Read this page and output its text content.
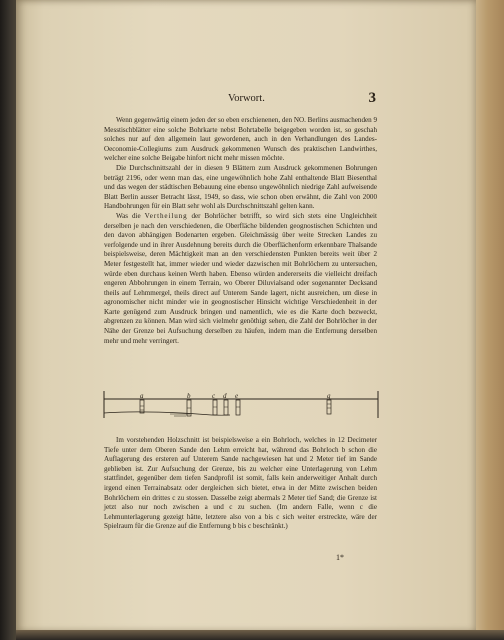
Vorwort.	3

Wenn gegenwärtig einem jeden der so eben erschienenen, den NO. Berlins ausmachenden 9 Messtischblätter eine solche Bohrkarte nebst Bohrtabelle beigegeben worden ist, so geschah solches nur auf den allgemein laut gewordenen, auch in den Verhandlungen des Landes-Oeconomie-Collegiums zum Ausdruck gekommenen Wunsch des praktischen Landwirthes, welcher eine solche Beigabe hinfort nicht mehr missen möchte.

Die Durchschnittszahl der in diesen 9 Blättern zum Ausdruck gekommenen Bohrungen beträgt 2196, oder wenn man das, eine ungewöhnlich hohe Zahl enthaltende Blatt Biesenthal und das wegen der städtischen Bebauung eine ebenso ungewöhnlich niedrige Zahl aufweisende Blatt Berlin ausser Betracht lässt, 1949, so dass, wie schon oben erwähnt, die Zahl von 2000 Handbohrungen für ein Blatt sehr wohl als Durchschnittszahl gelten kann.

Was die Vertheilung der Bohrlöcher betrifft, so wird sich stets eine Ungleichheit derselben je nach den verschiedenen, die Oberfläche bildenden geognostischen Schichten und den davon abhängigen Bodenarten ergeben. Gleichmässig über weite Strecken Landes zu verfolgende und in ihrer Ausdehnung bereits durch die Oberflächenform erkennbare Thalsande beispielsweise, deren Mächtigkeit man an den verschiedensten Punkten bereits weit über 2 Meter festgestellt hat, immer wieder und wieder dazwischen mit Bohrlöchern zu untersuchen, würde eben durchaus keinen Werth haben. Ebenso würden andererseits die vielleicht dreifach engeren Abbohrungen in einem Terrain, wo Oberer Diluvialsand oder sogenannter Decksand theils auf Lehmmergel, theils direct auf Unterem Sande lagert, nicht ausreichen, um diese in agronomischer nicht minder wie in geognostischer Hinsicht wichtige Verschiedenheit in der Karte genügend zum Ausdruck bringen und namentlich, wie es die Karte doch bezweckt, abgrenzen zu können. Man wird sich vielmehr genöthigt sehen, die Zahl der Bohrlöcher in der Nähe der Grenze bei Aufsuchung derselben zu häufen, indem man die Entfernung derselben mehr und mehr verringert.

a	b	c d e	g

Im vorstehenden Holzschnitt ist beispielsweise a ein Bohrloch, welches in 12 Decimeter Tiefe unter dem Oberen Sande den Lehm erreicht hat, während das Bohrloch b schon die Auflagerung des ersteren auf Unterem Sande nachgewiesen hat und 2 Meter tief im Sande geblieben ist. Zur Aufsuchung der Grenze, bis zu welcher eine Unterlagerung von Lehm stattfindet, gegenüber dem tiefen Sandprofil ist somit, falls kein anderweitiger Anhalt durch irgend einen Terrainabsatz oder dergleichen sich bietet, etwa in der Mitte zwischen beiden Bohrlöchern ein drittes c zu stossen. Dasselbe zeigt abermals 2 Meter tief Sand; die Grenze ist jetzt also nur noch zwischen a und c zu suchen. (Im andern Falle, wenn c die Lehmunterlagerung gezeigt hätte, letztere also von a bis c sich weiter erstreckte, wäre der Spielraum für die Grenze auf die Entfernung b bis c beschränkt.)

1*
